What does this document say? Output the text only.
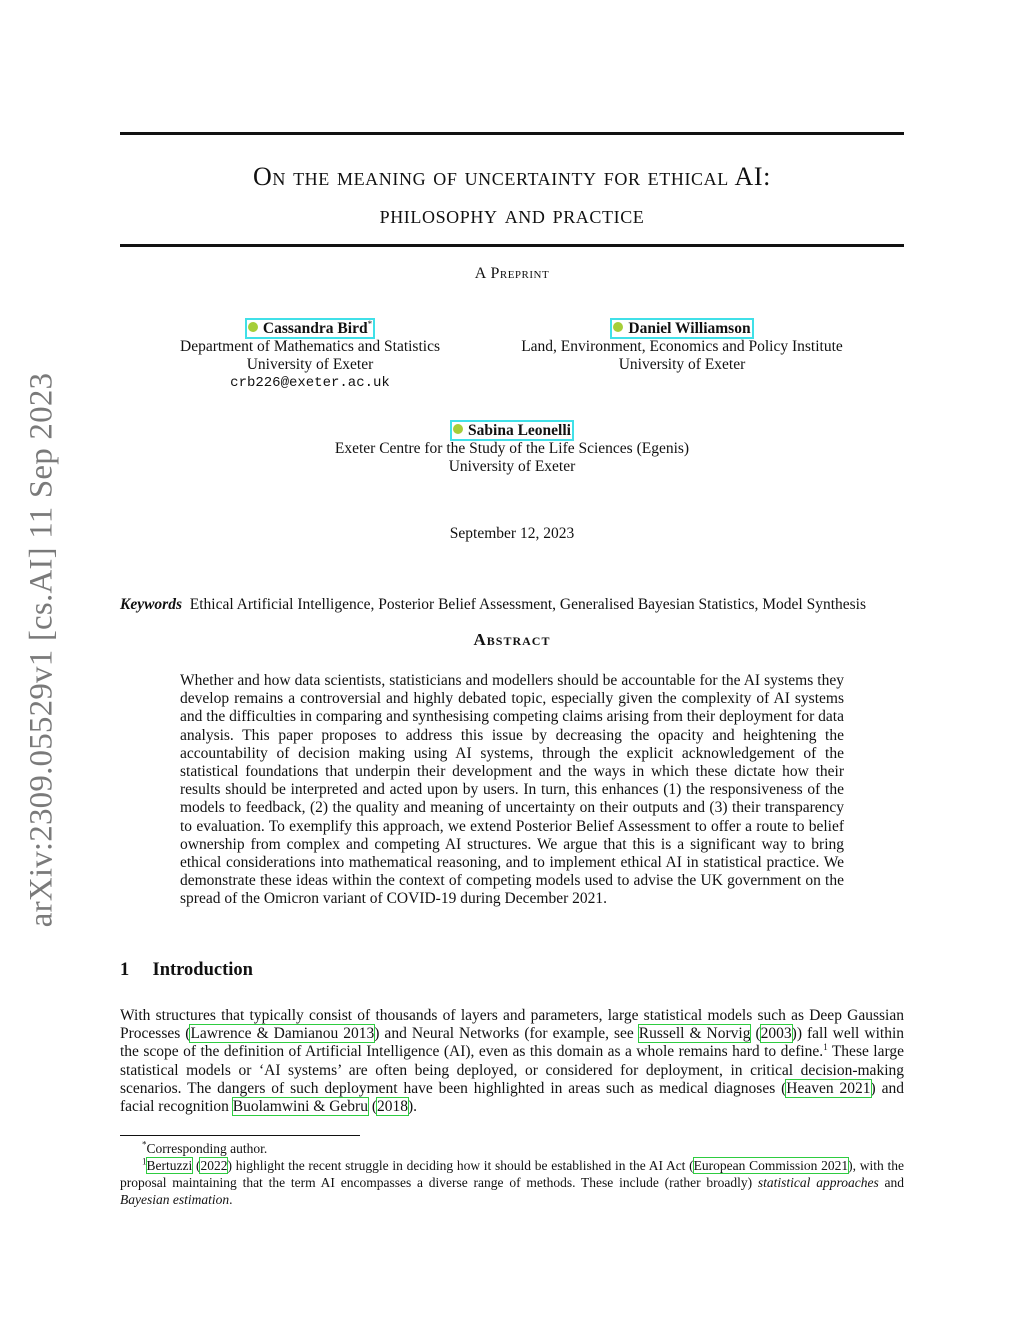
arXiv:2309.05529v1 [cs.AI] 11 Sep 2023
On the meaning of uncertainty for ethical AI:
philosophy and practice
A Preprint
Cassandra Bird*
Department of Mathematics and Statistics
University of Exeter
crb226@exeter.ac.uk
Daniel Williamson
Land, Environment, Economics and Policy Institute
University of Exeter
Sabina Leonelli
Exeter Centre for the Study of the Life Sciences (Egenis)
University of Exeter
September 12, 2023
Keywords Ethical Artificial Intelligence, Posterior Belief Assessment, Generalised Bayesian Statistics, Model Synthesis
Abstract
Whether and how data scientists, statisticians and modellers should be accountable for the AI systems they develop remains a controversial and highly debated topic, especially given the complexity of AI systems and the difficulties in comparing and synthesising competing claims arising from their deployment for data analysis. This paper proposes to address this issue by decreasing the opacity and heightening the accountability of decision making using AI systems, through the explicit acknowledgement of the statistical foundations that underpin their development and the ways in which these dictate how their results should be interpreted and acted upon by users. In turn, this enhances (1) the responsiveness of the models to feedback, (2) the quality and meaning of uncertainty on their outputs and (3) their transparency to evaluation. To exemplify this approach, we extend Posterior Belief Assessment to offer a route to belief ownership from complex and competing AI structures. We argue that this is a significant way to bring ethical considerations into mathematical reasoning, and to implement ethical AI in statistical practice. We demonstrate these ideas within the context of competing models used to advise the UK government on the spread of the Omicron variant of COVID-19 during December 2021.
1 Introduction
With structures that typically consist of thousands of layers and parameters, large statistical models such as Deep Gaussian Processes (Lawrence & Damianou 2013) and Neural Networks (for example, see Russell & Norvig (2003)) fall well within the scope of the definition of Artificial Intelligence (AI), even as this domain as a whole remains hard to define.$^1$ These large statistical models or ‘AI systems’ are often being deployed, or considered for deployment, in critical decision-making scenarios. The dangers of such deployment have been highlighted in areas such as medical diagnoses (Heaven 2021) and facial recognition Buolamwini & Gebru (2018).
*Corresponding author.
$^1$Bertuzzi (2022) highlight the recent struggle in deciding how it should be established in the AI Act (European Commission 2021), with the proposal maintaining that the term AI encompasses a diverse range of methods. These include (rather broadly) statistical approaches and Bayesian estimation.
